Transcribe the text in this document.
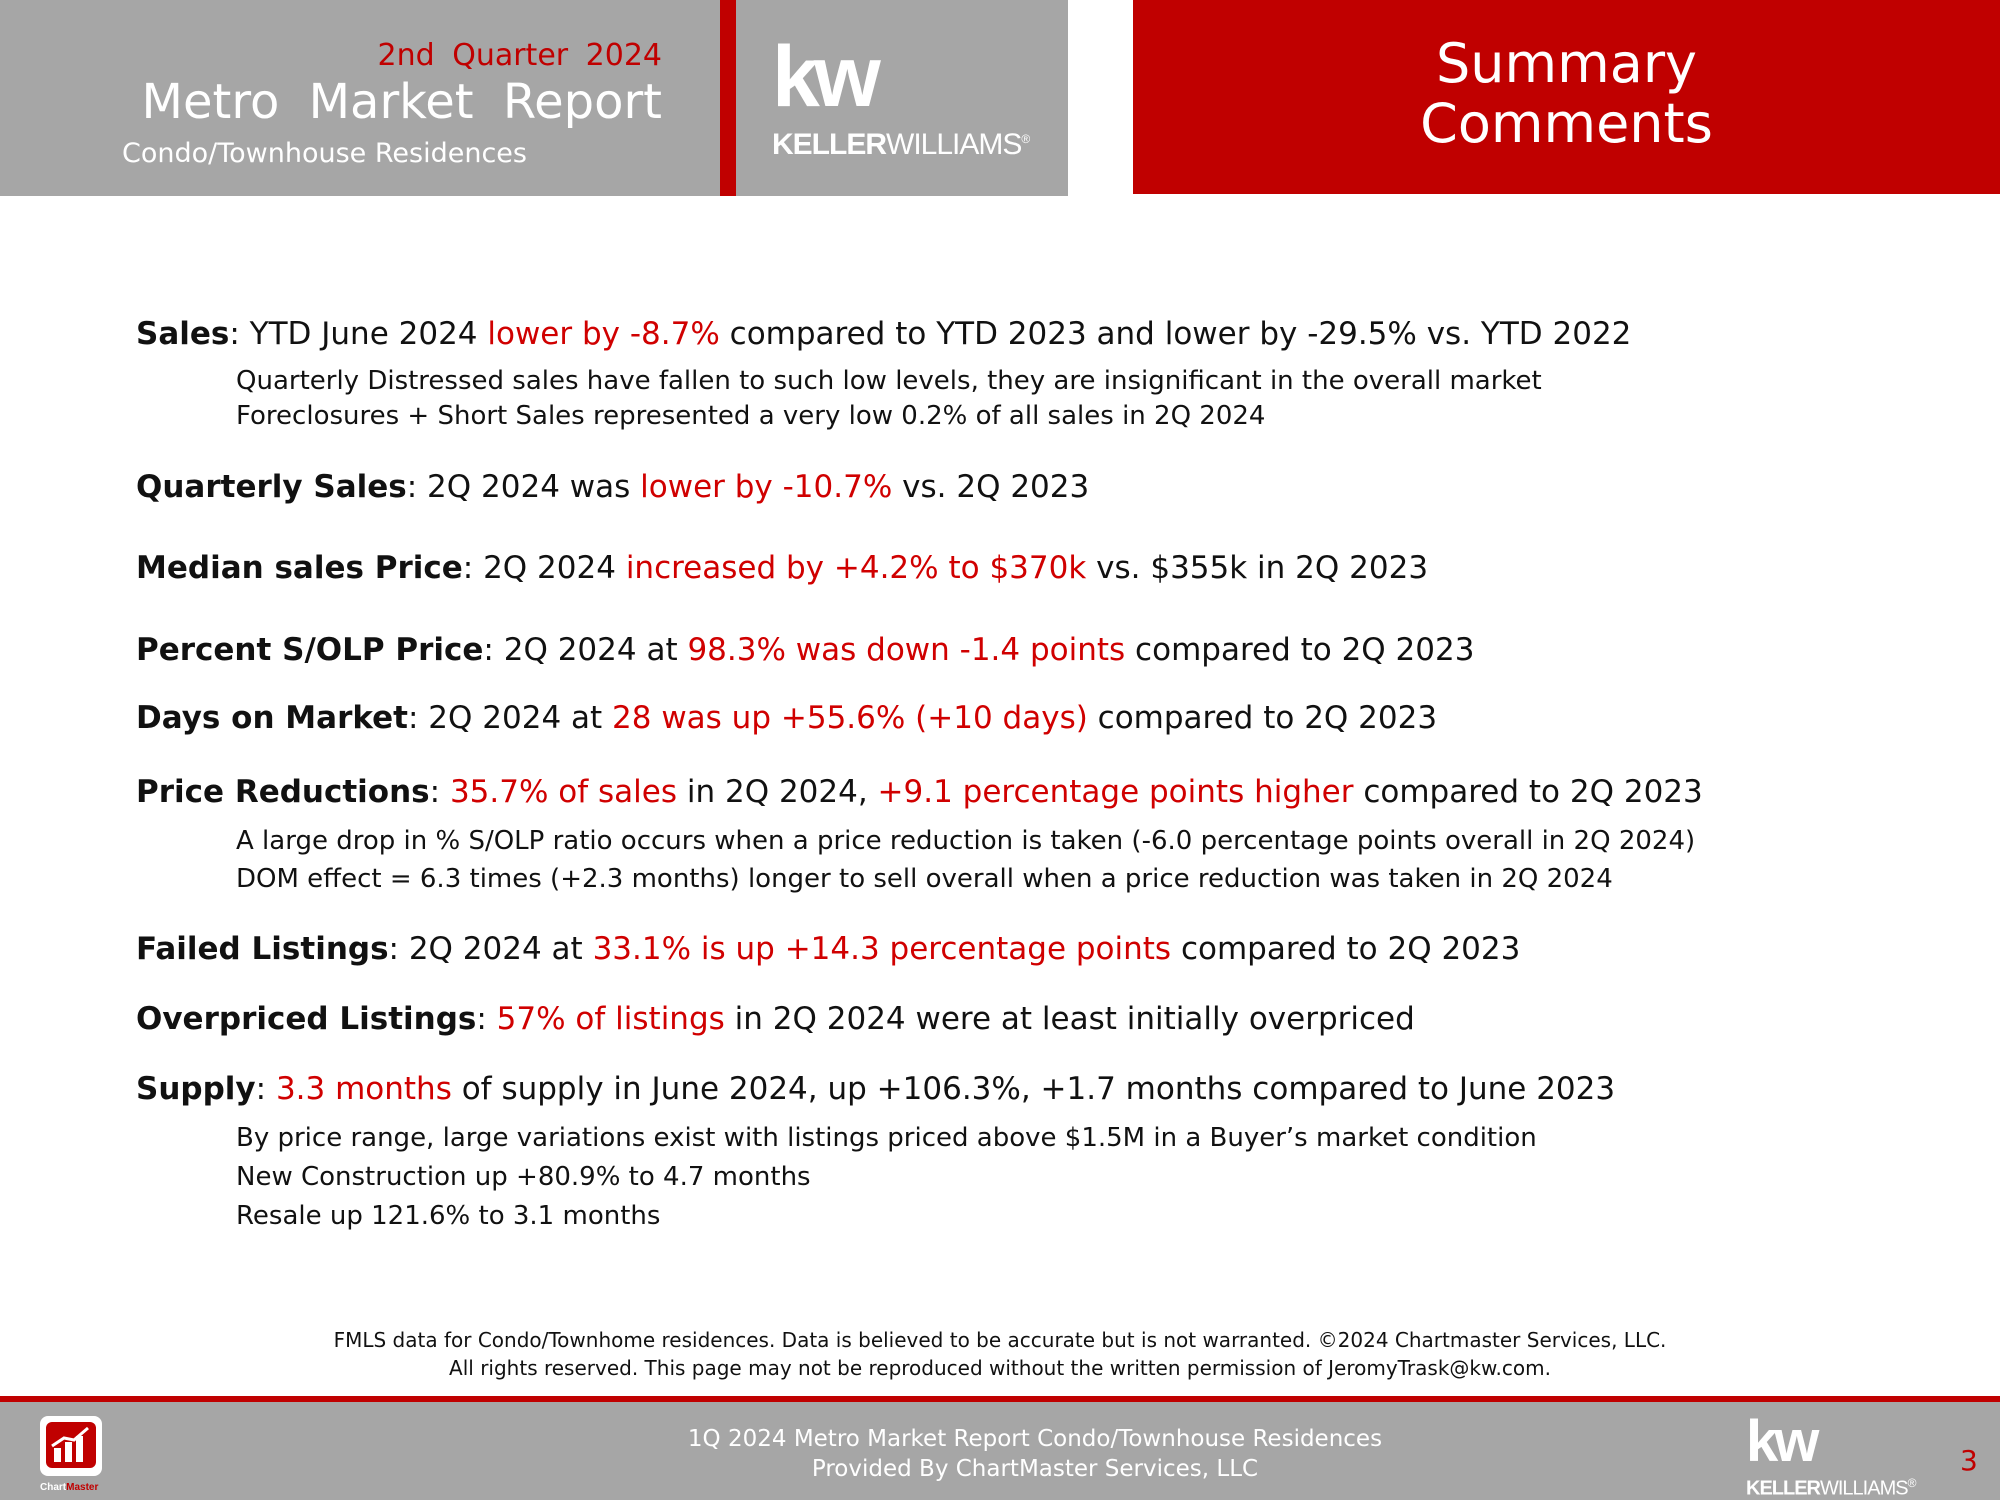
2nd Quarter 2024
Metro Market Report
Condo/Townhouse Residences
kw
KELLERWILLIAMS®
Summary
Comments
Sales: YTD June 2024 lower by -8.7% compared to YTD 2023 and lower by -29.5% vs. YTD 2022
Quarterly Distressed sales have fallen to such low levels, they are insignificant in the overall market
Foreclosures + Short Sales represented a very low 0.2% of all sales in 2Q 2024
Quarterly Sales: 2Q 2024 was lower by -10.7% vs. 2Q 2023
Median sales Price: 2Q 2024 increased by +4.2% to $370k vs. $355k in 2Q 2023
Percent S/OLP Price: 2Q 2024 at 98.3% was down -1.4 points compared to 2Q 2023
Days on Market: 2Q 2024 at 28 was up +55.6% (+10 days) compared to 2Q 2023
Price Reductions: 35.7% of sales in 2Q 2024, +9.1 percentage points higher compared to 2Q 2023
A large drop in % S/OLP ratio occurs when a price reduction is taken (-6.0 percentage points overall in 2Q 2024)
DOM effect = 6.3 times (+2.3 months) longer to sell overall when a price reduction was taken in 2Q 2024
Failed Listings: 2Q 2024 at 33.1% is up +14.3 percentage points compared to 2Q 2023
Overpriced Listings: 57% of listings in 2Q 2024 were at least initially overpriced
Supply: 3.3 months of supply in June 2024, up +106.3%, +1.7 months compared to June 2023
By price range, large variations exist with listings priced above $1.5M in a Buyer’s market condition
New Construction up +80.9% to 4.7 months
Resale up 121.6% to 3.1 months
FMLS data for Condo/Townhome residences. Data is believed to be accurate but is not warranted. ©2024 Chartmaster Services, LLC.
All rights reserved. This page may not be reproduced without the written permission of JeromyTrask@kw.com.
ChartMaster
1Q 2024 Metro Market Report Condo/Townhouse Residences
Provided By ChartMaster Services, LLC	kw
KELLERWILLIAMS®
3
